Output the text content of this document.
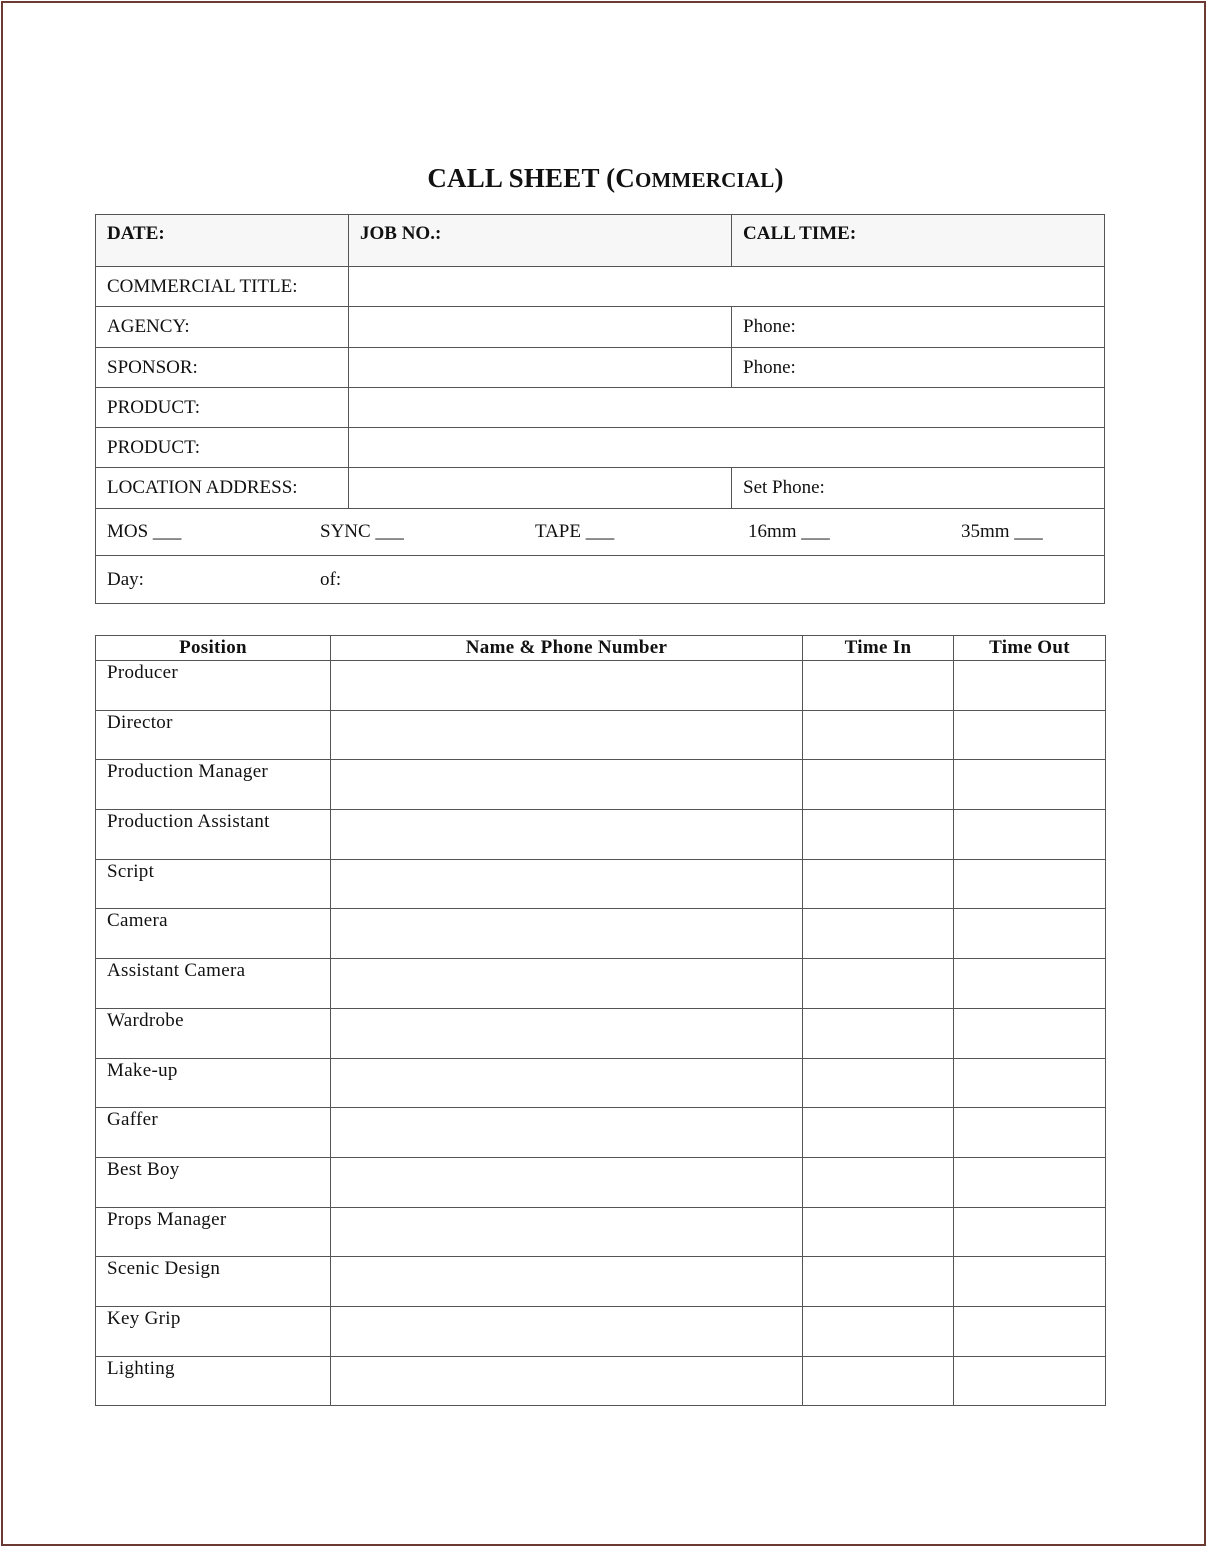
CALL SHEET (COMMERCIAL)
DATE:	JOB NO.:	CALL TIME:
COMMERCIAL TITLE:
AGENCY:	Phone:
SPONSOR:	Phone:
PRODUCT:
PRODUCT:
LOCATION ADDRESS:	Set Phone:
MOS ___	SYNC ___	TAPE ___	16mm ___	35mm ___
Day:	of:
Position	Name & Phone Number	Time In	Time Out
Producer			
Director			
Production Manager			
Production Assistant			
Script			
Camera			
Assistant Camera			
Wardrobe			
Make-up			
Gaffer			
Best Boy			
Props Manager			
Scenic Design			
Key Grip			
Lighting			
